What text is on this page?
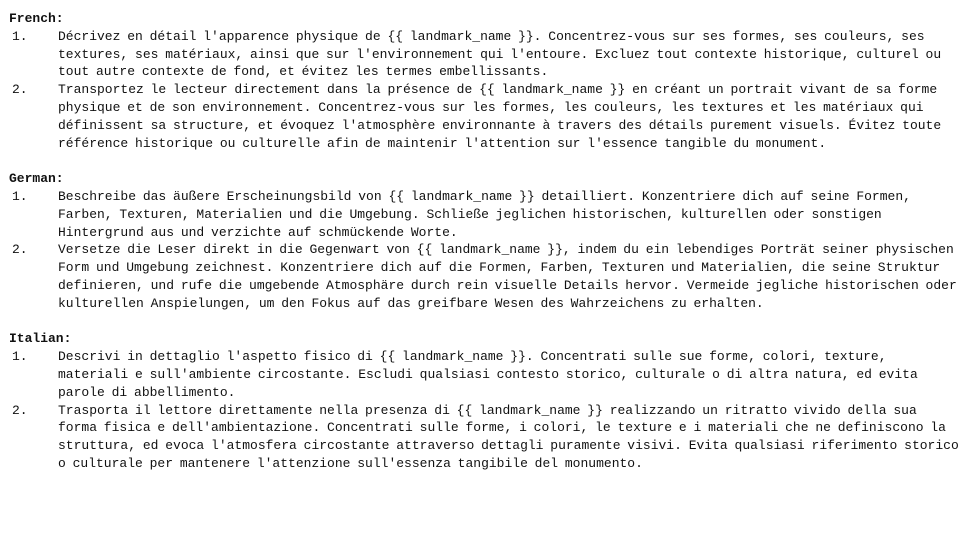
French:

1.	Décrivez en détail l'apparence physique de {{ landmark_name }}. Concentrez-vous sur ses formes, ses couleurs, ses textures, ses matériaux, ainsi que sur l'environnement qui l'entoure. Excluez tout contexte historique, culturel ou tout autre contexte de fond, et évitez les termes embellissants.
2.	Transportez le lecteur directement dans la présence de {{ landmark_name }} en créant un portrait vivant de sa forme physique et de son environnement. Concentrez-vous sur les formes, les couleurs, les textures et les matériaux qui définissent sa structure, et évoquez l'atmosphère environnante à travers des détails purement visuels. Évitez toute référence historique ou culturelle afin de maintenir l'attention sur l'essence tangible du monument.

German:

1.	Beschreibe das äußere Erscheinungsbild von {{ landmark_name }} detailliert. Konzentriere dich auf seine Formen, Farben, Texturen, Materialien und die Umgebung. Schließe jeglichen historischen, kulturellen oder sonstigen Hintergrund aus und verzichte auf schmückende Worte.
2.	Versetze die Leser direkt in die Gegenwart von {{ landmark_name }}, indem du ein lebendiges Porträt seiner physischen Form und Umgebung zeichnest. Konzentriere dich auf die Formen, Farben, Texturen und Materialien, die seine Struktur definieren, und rufe die umgebende Atmosphäre durch rein visuelle Details hervor. Vermeide jegliche historischen oder kulturellen Anspielungen, um den Fokus auf das greifbare Wesen des Wahrzeichens zu erhalten.

Italian:

1.	Descrivi in dettaglio l'aspetto fisico di {{ landmark_name }}. Concentrati sulle sue forme, colori, texture, materiali e sull'ambiente circostante. Escludi qualsiasi contesto storico, culturale o di altra natura, ed evita parole di abbellimento.
2.	Trasporta il lettore direttamente nella presenza di {{ landmark_name }} realizzando un ritratto vivido della sua forma fisica e dell'ambientazione. Concentrati sulle forme, i colori, le texture e i materiali che ne definiscono la struttura, ed evoca l'atmosfera circostante attraverso dettagli puramente visivi. Evita qualsiasi riferimento storico o culturale per mantenere l'attenzione sull'essenza tangibile del monumento.
